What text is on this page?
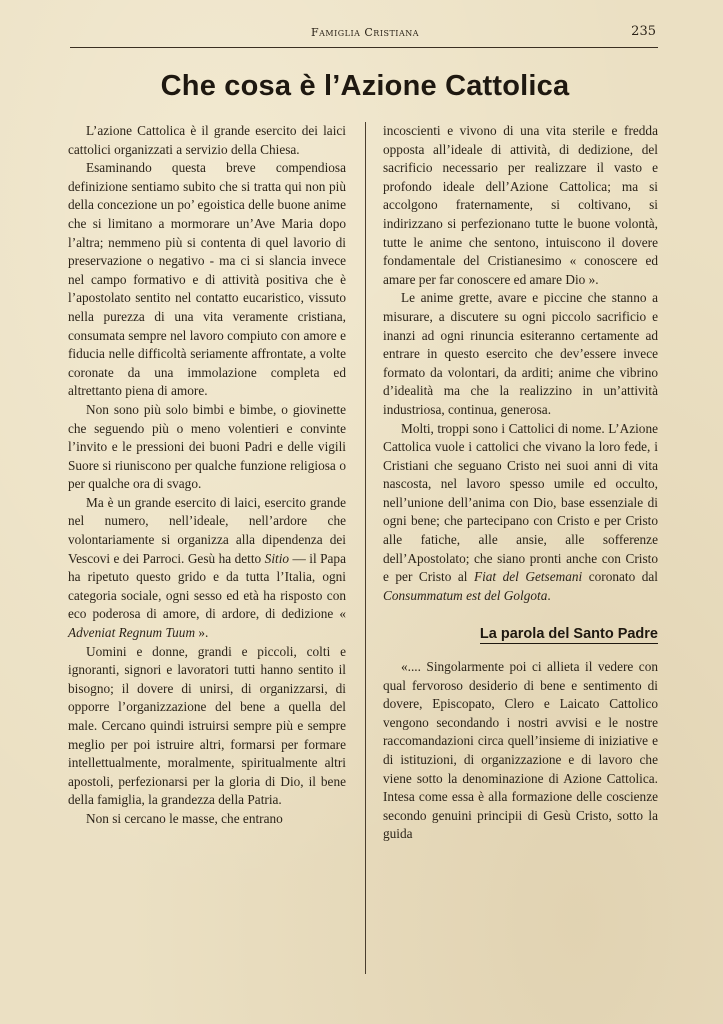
Famiglia Cristiana	235
Che cosa è l’Azione Cattolica

L’azione Cattolica è il grande esercito dei laici cattolici organizzati a servizio della Chiesa.

Esaminando questa breve compendiosa definizione sentiamo subito che si tratta qui non più della concezione un po’ egoistica delle buone anime che si limitano a mormorare un’Ave Maria dopo l’altra; nemmeno più si contenta di quel lavorio di preservazione o negativo - ma ci si slancia invece nel campo formativo e di attività positiva che è l’apostolato sentito nel contatto eucaristico, vissuto nella purezza di una vita veramente cristiana, consumata sempre nel lavoro compiuto con amore e fiducia nelle difficoltà seriamente affrontate, a volte coronate da una immolazione completa ed altrettanto piena di amore.

Non sono più solo bimbi e bimbe, o giovinette che seguendo più o meno volentieri e convinte l’invito e le pressioni dei buoni Padri e delle vigili Suore si riuniscono per qualche funzione religiosa o per qualche ora di svago.

Ma è un grande esercito di laici, esercito grande nel numero, nell’ideale, nell’ardore che volontariamente si organizza alla dipendenza dei Vescovi e dei Parroci. Gesù ha detto Sitio — il Papa ha ripetuto questo grido e da tutta l’Italia, ogni categoria sociale, ogni sesso ed età ha risposto con eco poderosa di amore, di ardore, di dedizione « Adveniat Regnum Tuum ».

Uomini e donne, grandi e piccoli, colti e ignoranti, signori e lavoratori tutti hanno sentito il bisogno; il dovere di unirsi, di organizzarsi, di opporre l’organizzazione del bene a quella del male. Cercano quindi istruirsi sempre più e sempre meglio per poi istruire altri, formarsi per formare intellettualmente, moralmente, spiritualmente altri apostoli, perfezionarsi per la gloria di Dio, il bene della famiglia, la grandezza della Patria.

Non si cercano le masse, che entrano

incoscienti e vivono di una vita sterile e fredda opposta all’ideale di attività, di dedizione, del sacrificio necessario per realizzare il vasto e profondo ideale dell’Azione Cattolica; ma si accolgono fraternamente, si coltivano, si indirizzano si perfezionano tutte le buone volontà, tutte le anime che sentono, intuiscono il dovere fondamentale del Cristianesimo « conoscere ed amare per far conoscere ed amare Dio ».

Le anime grette, avare e piccine che stanno a misurare, a discutere su ogni piccolo sacrificio e inanzi ad ogni rinuncia esiteranno certamente ad entrare in questo esercito che dev’essere invece formato da volontari, da arditi; anime che vibrino d’idealità ma che la realizzino in un’attività industriosa, continua, generosa.

Molti, troppi sono i Cattolici di nome. L’Azione Cattolica vuole i cattolici che vivano la loro fede, i Cristiani che seguano Cristo nei suoi anni di vita nascosta, nel lavoro spesso umile ed occulto, nell’unione dell’anima con Dio, base essenziale di ogni bene; che partecipano con Cristo e per Cristo alle fatiche, alle ansie, alle sofferenze dell’Apostolato; che siano pronti anche con Cristo e per Cristo al Fiat del Getsemani coronato dal Consummatum est del Golgota.

La parola del Santo Padre

«.... Singolarmente poi ci allieta il vedere con qual fervoroso desiderio di bene e sentimento di dovere, Episcopato, Clero e Laicato Cattolico vengono secondando i nostri avvisi e le nostre raccomandazioni circa quell’insieme di iniziative e di istituzioni, di organizzazione e di lavoro che viene sotto la denominazione di Azione Cattolica. Intesa come essa è alla formazione delle coscienze secondo genuini principii di Gesù Cristo, sotto la guida
